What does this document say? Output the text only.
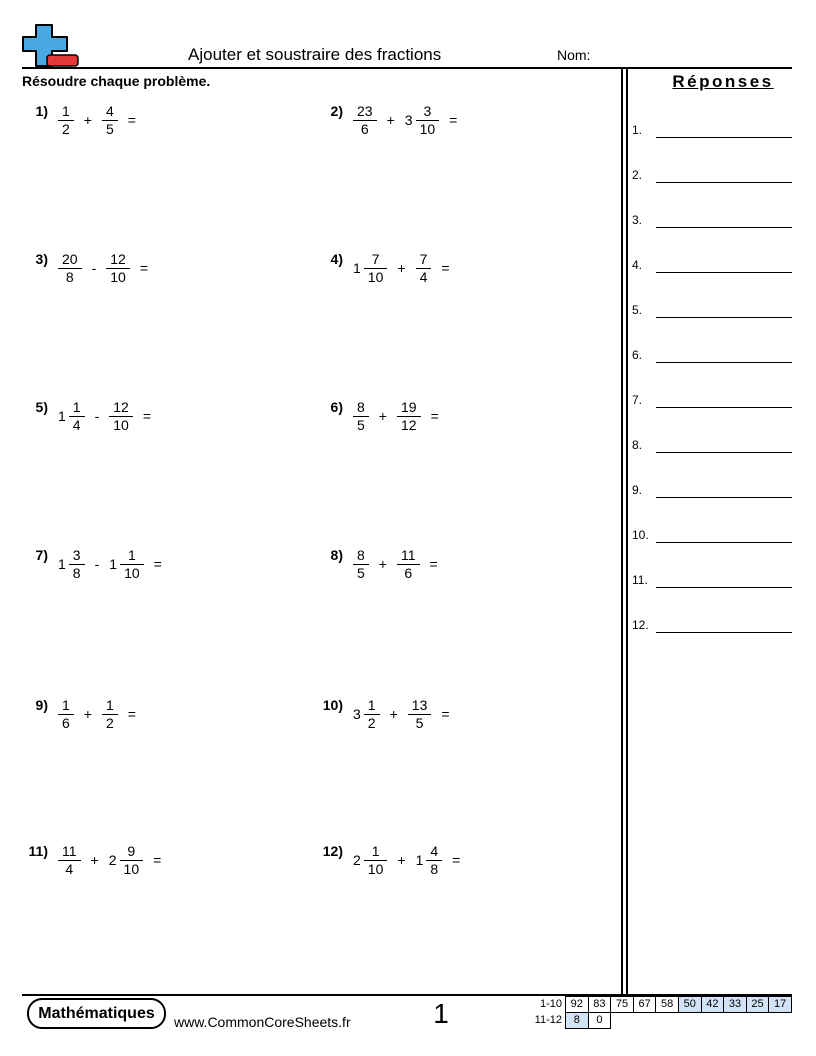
Ajouter et soustraire des fractions	Nom:
Résoudre chaque problème.	Réponses
1.
2.
3.
4.
5.
6.
7.
8.
9.
10.
11.
12.
$1) \frac{1}{2} + \frac{4}{5}$ =
$2) \frac{23}{6} + 3 \frac{3}{10}$ =
$3) \frac{20}{8} - \frac{12}{10}$ =
4)
$1 \frac{7}{10} + \frac{7}{4}$ =
5)
$1 \frac{1}{4} - \frac{12}{10}$ =
$6) \frac{8}{5} + \frac{19}{12}$ =
7)
$1 \frac{3}{8} - 1 \frac{1}{10}$ =
$8) \frac{8}{5} + \frac{11}{6}$ =
$9) \frac{1}{6} + \frac{1}{2}$ =
10)
$3 \frac{1}{2} + \frac{13}{5}$ =
$11) \frac{11}{4} + 2 \frac{9}{10}$ =
12)
$2 \frac{1}{10} + 1 \frac{4}{8}$ =
Mathématiques	www.CommonCoreSheets.fr	1	1-10 92 83 75 67 58 50 42 33 25 17
11-12	8	0
